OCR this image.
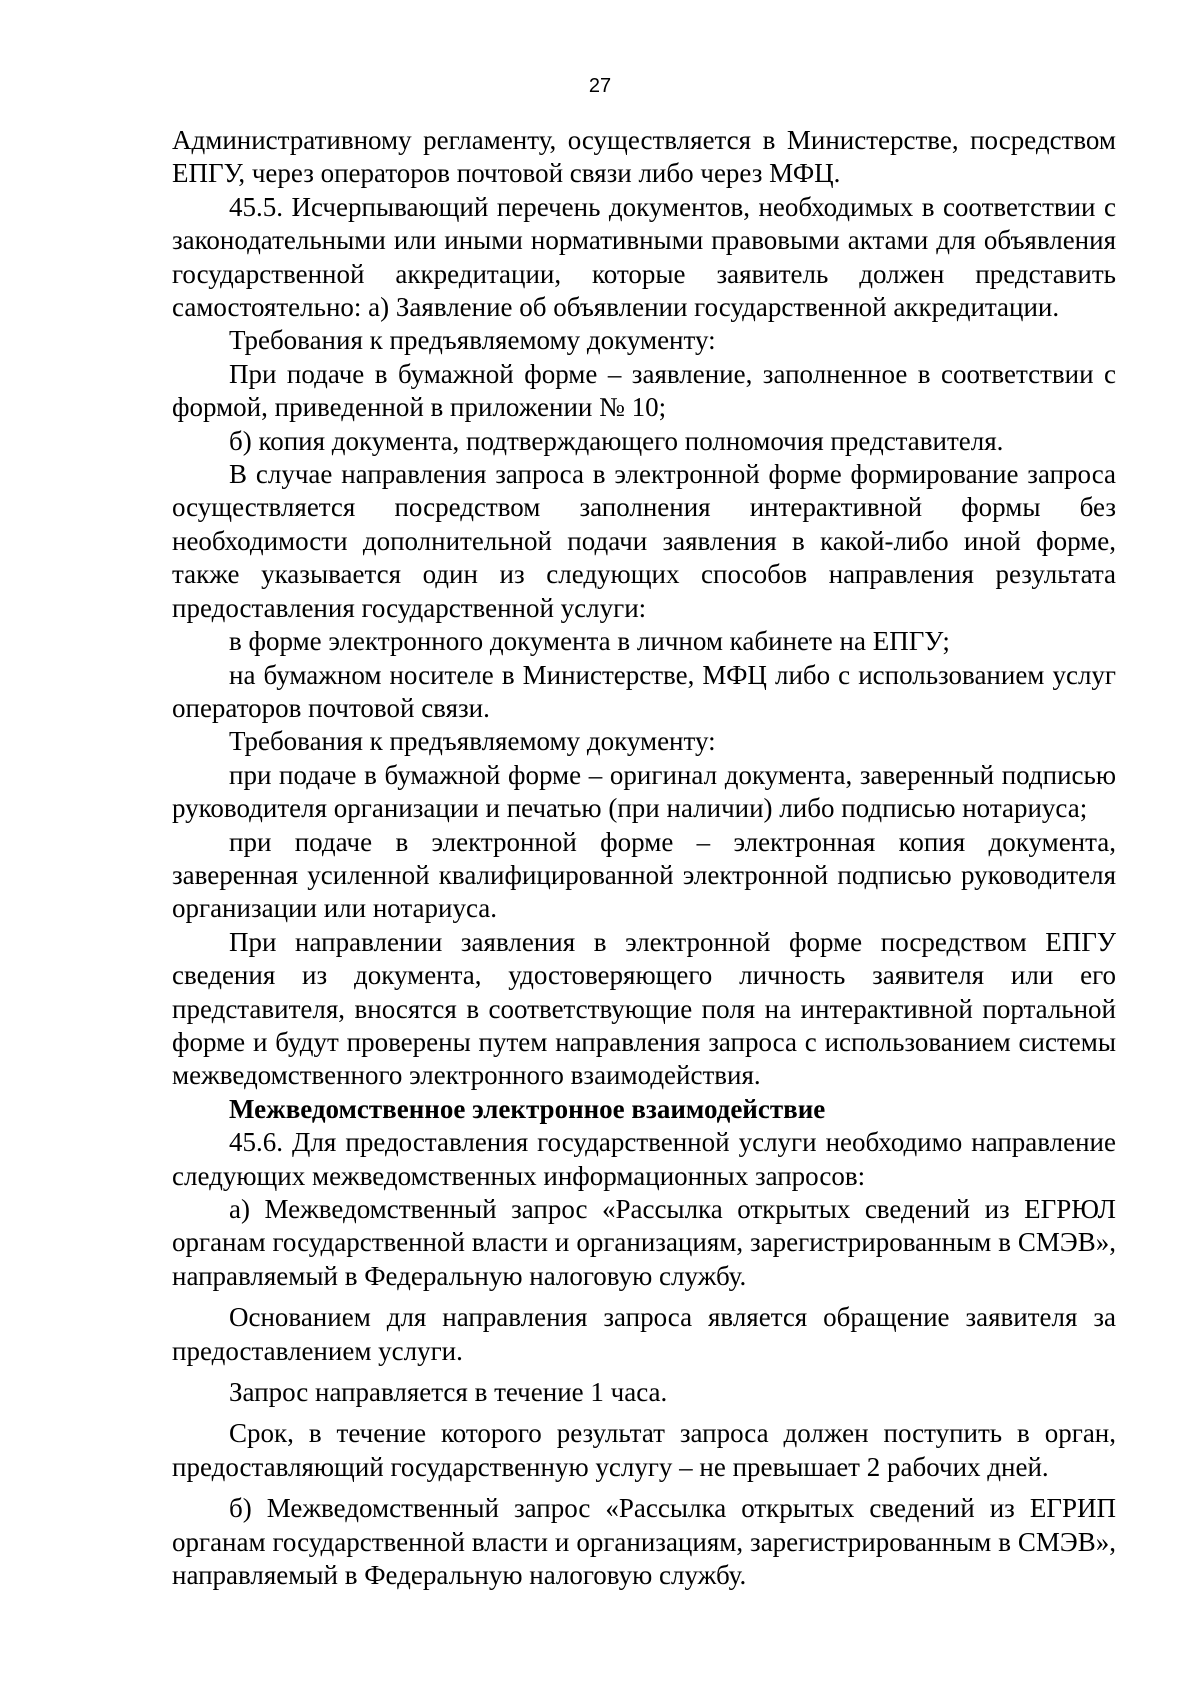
27

Административному регламенту, осуществляется в Министерстве, посредством ЕПГУ, через операторов почтовой связи либо через МФЦ.

45.5. Исчерпывающий перечень документов, необходимых в соответствии с законодательными или иными нормативными правовыми актами для объявления государственной аккредитации, которые заявитель должен представить самостоятельно: а) Заявление об объявлении государственной аккредитации.

Требования к предъявляемому документу:

При подаче в бумажной форме – заявление, заполненное в соответствии с формой, приведенной в приложении № 10;

б) копия документа, подтверждающего полномочия представителя.

В случае направления запроса в электронной форме формирование запроса осуществляется посредством заполнения интерактивной формы без необходимости дополнительной подачи заявления в какой-либо иной форме, также указывается один из следующих способов направления результата предоставления государственной услуги:

в форме электронного документа в личном кабинете на ЕПГУ;

на бумажном носителе в Министерстве, МФЦ либо с использованием услуг операторов почтовой связи.

Требования к предъявляемому документу:

при подаче в бумажной форме – оригинал документа, заверенный подписью руководителя организации и печатью (при наличии) либо подписью нотариуса;

при подаче в электронной форме – электронная копия документа, заверенная усиленной квалифицированной электронной подписью руководителя организации или нотариуса.

При направлении заявления в электронной форме посредством ЕПГУ сведения из документа, удостоверяющего личность заявителя или его представителя, вносятся в соответствующие поля на интерактивной портальной форме и будут проверены путем направления запроса с использованием системы межведомственного электронного взаимодействия.

Межведомственное электронное взаимодействие

45.6. Для предоставления государственной услуги необходимо направление следующих межведомственных информационных запросов:

а) Межведомственный запрос «Рассылка открытых сведений из ЕГРЮЛ органам государственной власти и организациям, зарегистрированным в СМЭВ», направляемый в Федеральную налоговую службу.

Основанием для направления запроса является обращение заявителя за предоставлением услуги.

Запрос направляется в течение 1 часа.

Срок, в течение которого результат запроса должен поступить в орган, предоставляющий государственную услугу – не превышает 2 рабочих дней.

б) Межведомственный запрос «Рассылка открытых сведений из ЕГРИП органам государственной власти и организациям, зарегистрированным в СМЭВ», направляемый в Федеральную налоговую службу.
